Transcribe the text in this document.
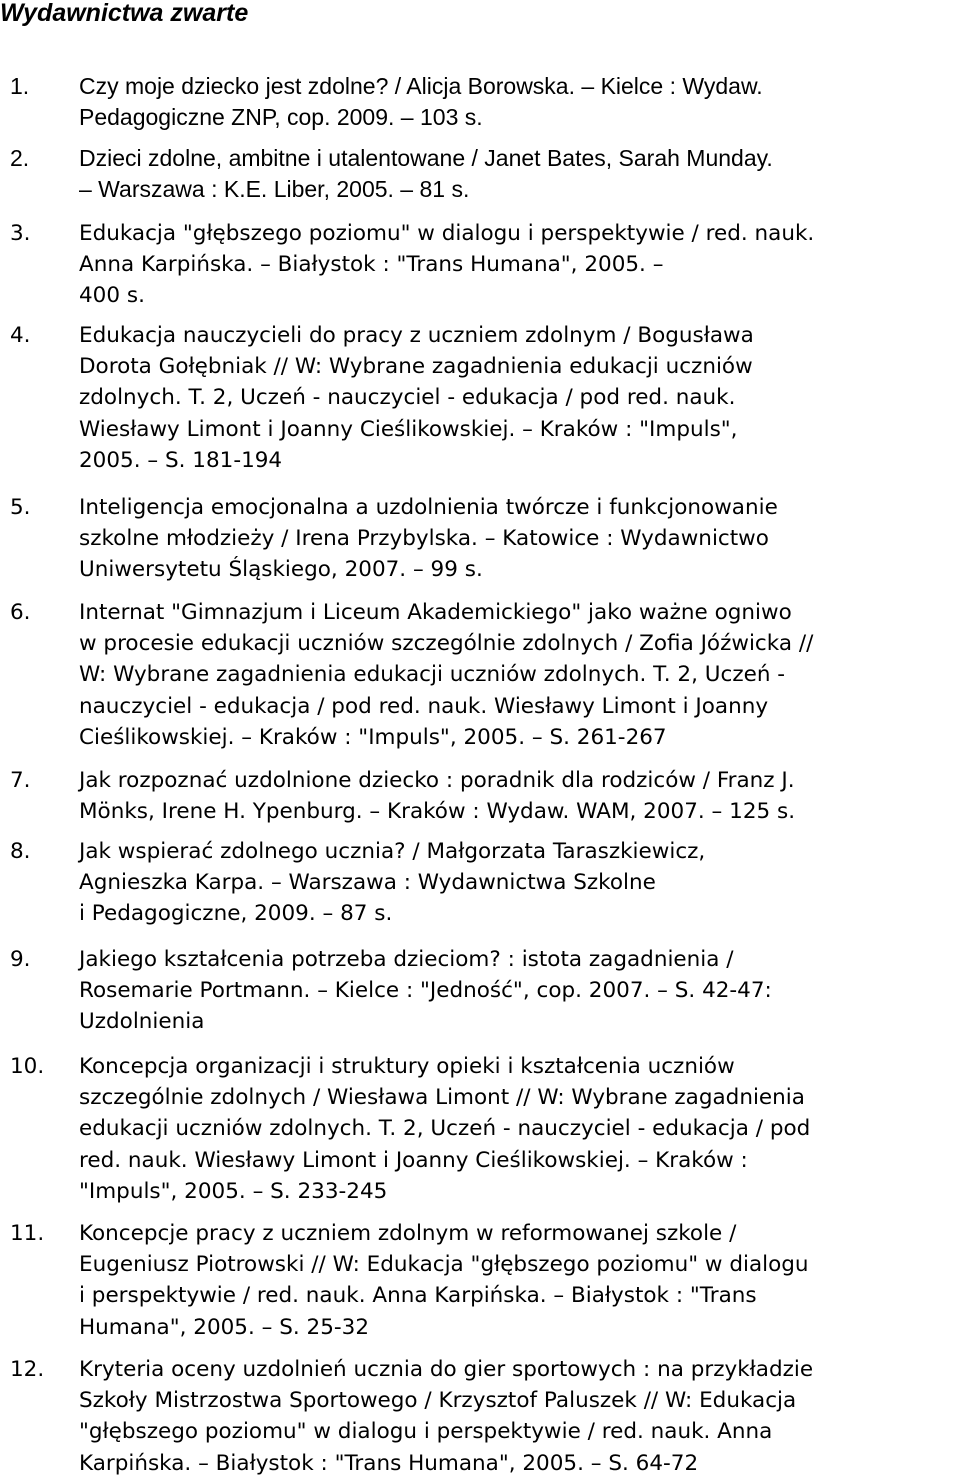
Wydawnictwa zwarte
1. Czy moje dziecko jest zdolne? / Alicja Borowska. – Kielce : Wydaw.
Pedagogiczne ZNP, cop. 2009. – 103 s.
2. Dzieci zdolne, ambitne i utalentowane / Janet Bates, Sarah Munday.
– Warszawa : K.E. Liber, 2005. – 81 s.
3. Edukacja "głębszego poziomu" w dialogu i perspektywie / red. nauk.
Anna Karpińska. – Białystok : "Trans Humana", 2005. –
400 s.
4. Edukacja nauczycieli do pracy z uczniem zdolnym / Bogusława
Dorota Gołębniak // W: Wybrane zagadnienia edukacji uczniów
zdolnych. T. 2, Uczeń - nauczyciel - edukacja / pod red. nauk.
Wiesławy Limont i Joanny Cieślikowskiej. – Kraków : "Impuls",
2005. – S. 181-194
5. Inteligencja emocjonalna a uzdolnienia twórcze i funkcjonowanie
szkolne młodzieży / Irena Przybylska. – Katowice : Wydawnictwo
Uniwersytetu Śląskiego, 2007. – 99 s.
6. Internat "Gimnazjum i Liceum Akademickiego" jako ważne ogniwo
w procesie edukacji uczniów szczególnie zdolnych / Zofia Jóźwicka //
W: Wybrane zagadnienia edukacji uczniów zdolnych. T. 2, Uczeń -
nauczyciel - edukacja / pod red. nauk. Wiesławy Limont i Joanny
Cieślikowskiej. – Kraków : "Impuls", 2005. – S. 261-267
7. Jak rozpoznać uzdolnione dziecko : poradnik dla rodziców / Franz J.
Mönks, Irene H. Ypenburg. – Kraków : Wydaw. WAM, 2007. – 125 s.
8. Jak wspierać zdolnego ucznia? / Małgorzata Taraszkiewicz,
Agnieszka Karpa. – Warszawa : Wydawnictwa Szkolne
i Pedagogiczne, 2009. – 87 s.
9. Jakiego kształcenia potrzeba dzieciom? : istota zagadnienia /
Rosemarie Portmann. – Kielce : "Jedność", cop. 2007. – S. 42-47:
Uzdolnienia
10. Koncepcja organizacji i struktury opieki i kształcenia uczniów
szczególnie zdolnych / Wiesława Limont // W: Wybrane zagadnienia
edukacji uczniów zdolnych. T. 2, Uczeń - nauczyciel - edukacja / pod
red. nauk. Wiesławy Limont i Joanny Cieślikowskiej. – Kraków :
"Impuls", 2005. – S. 233-245
11. Koncepcje pracy z uczniem zdolnym w reformowanej szkole /
Eugeniusz Piotrowski // W: Edukacja "głębszego poziomu" w dialogu
i perspektywie / red. nauk. Anna Karpińska. – Białystok : "Trans
Humana", 2005. – S. 25-32
12. Kryteria oceny uzdolnień ucznia do gier sportowych : na przykładzie
Szkoły Mistrzostwa Sportowego / Krzysztof Paluszek // W: Edukacja
"głębszego poziomu" w dialogu i perspektywie / red. nauk. Anna
Karpińska. – Białystok : "Trans Humana", 2005. – S. 64-72
